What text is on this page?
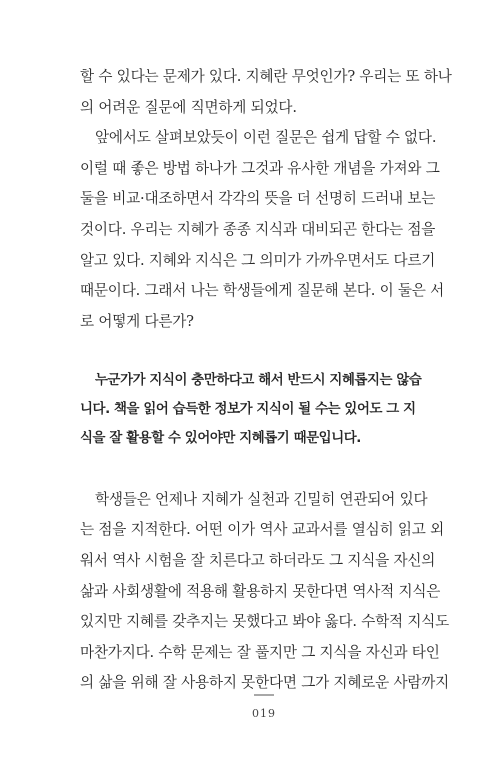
할 수 있다는 문제가 있다. 지혜란 무엇인가? 우리는 또 하나
의 어려운 질문에 직면하게 되었다.

앞에서도 살펴보았듯이 이런 질문은 쉽게 답할 수 없다.
이럴 때 좋은 방법 하나가 그것과 유사한 개념을 가져와 그
둘을 비교·대조하면서 각각의 뜻을 더 선명히 드러내 보는
것이다. 우리는 지혜가 종종 지식과 대비되곤 한다는 점을
알고 있다. 지혜와 지식은 그 의미가 가까우면서도 다르기
때문이다. 그래서 나는 학생들에게 질문해 본다. 이 둘은 서
로 어떻게 다른가?

누군가가 지식이 충만하다고 해서 반드시 지혜롭지는 않습
니다. 책을 읽어 습득한 정보가 지식이 될 수는 있어도 그 지
식을 잘 활용할 수 있어야만 지혜롭기 때문입니다.

학생들은 언제나 지혜가 실천과 긴밀히 연관되어 있다
는 점을 지적한다. 어떤 이가 역사 교과서를 열심히 읽고 외
워서 역사 시험을 잘 치른다고 하더라도 그 지식을 자신의
삶과 사회생활에 적용해 활용하지 못한다면 역사적 지식은
있지만 지혜를 갖추지는 못했다고 봐야 옳다. 수학적 지식도
마찬가지다. 수학 문제는 잘 풀지만 그 지식을 자신과 타인
의 삶을 위해 잘 사용하지 못한다면 그가 지혜로운 사람까지

019
